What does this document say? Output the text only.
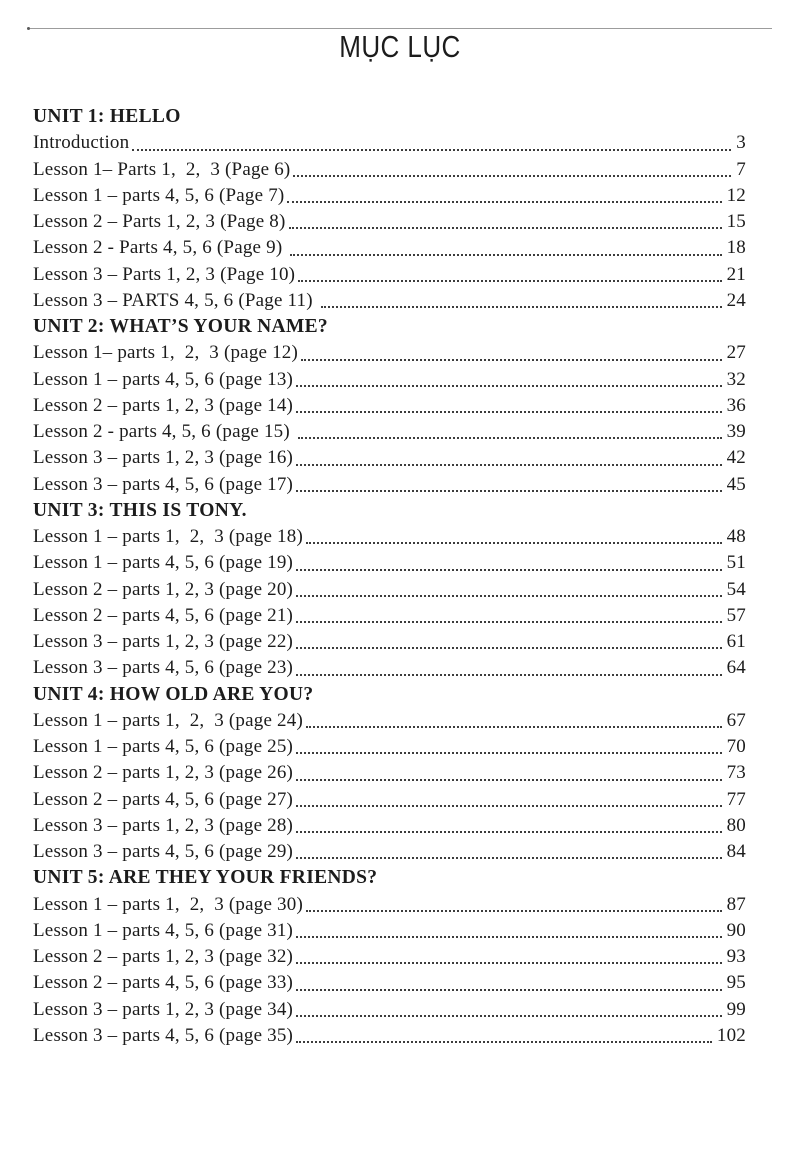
MỤC LỤC
UNIT 1: HELLO
Introduction	3
Lesson 1– Parts 1,  2,  3 (Page 6)	7
Lesson 1 – parts 4, 5, 6 (Page 7)	12
Lesson 2 – Parts 1, 2, 3 (Page 8)	15
Lesson 2 - Parts 4, 5, 6 (Page 9)	18
Lesson 3 – Parts 1, 2, 3 (Page 10)	21
Lesson 3 – PARTS 4, 5, 6 (Page 11)	24
UNIT 2: WHAT’S YOUR NAME?
Lesson 1– parts 1,  2,  3 (page 12)	27
Lesson 1 – parts 4, 5, 6 (page 13)	32
Lesson 2 – parts 1, 2, 3 (page 14)	36
Lesson 2 - parts 4, 5, 6 (page 15)	39
Lesson 3 – parts 1, 2, 3 (page 16)	42
Lesson 3 – parts 4, 5, 6 (page 17)	45
UNIT 3: THIS IS TONY.
Lesson 1 – parts 1,  2,  3 (page 18)	48
Lesson 1 – parts 4, 5, 6 (page 19)	51
Lesson 2 – parts 1, 2, 3 (page 20)	54
Lesson 2 – parts 4, 5, 6 (page 21)	57
Lesson 3 – parts 1, 2, 3 (page 22)	61
Lesson 3 – parts 4, 5, 6 (page 23)	64
UNIT 4: HOW OLD ARE YOU?
Lesson 1 – parts 1,  2,  3 (page 24)	67
Lesson 1 – parts 4, 5, 6 (page 25)	70
Lesson 2 – parts 1, 2, 3 (page 26)	73
Lesson 2 – parts 4, 5, 6 (page 27)	77
Lesson 3 – parts 1, 2, 3 (page 28)	80
Lesson 3 – parts 4, 5, 6 (page 29)	84
UNIT 5: ARE THEY YOUR FRIENDS?
Lesson 1 – parts 1,  2,  3 (page 30)	87
Lesson 1 – parts 4, 5, 6 (page 31)	90
Lesson 2 – parts 1, 2, 3 (page 32)	93
Lesson 2 – parts 4, 5, 6 (page 33)	95
Lesson 3 – parts 1, 2, 3 (page 34)	99
Lesson 3 – parts 4, 5, 6 (page 35)	102
